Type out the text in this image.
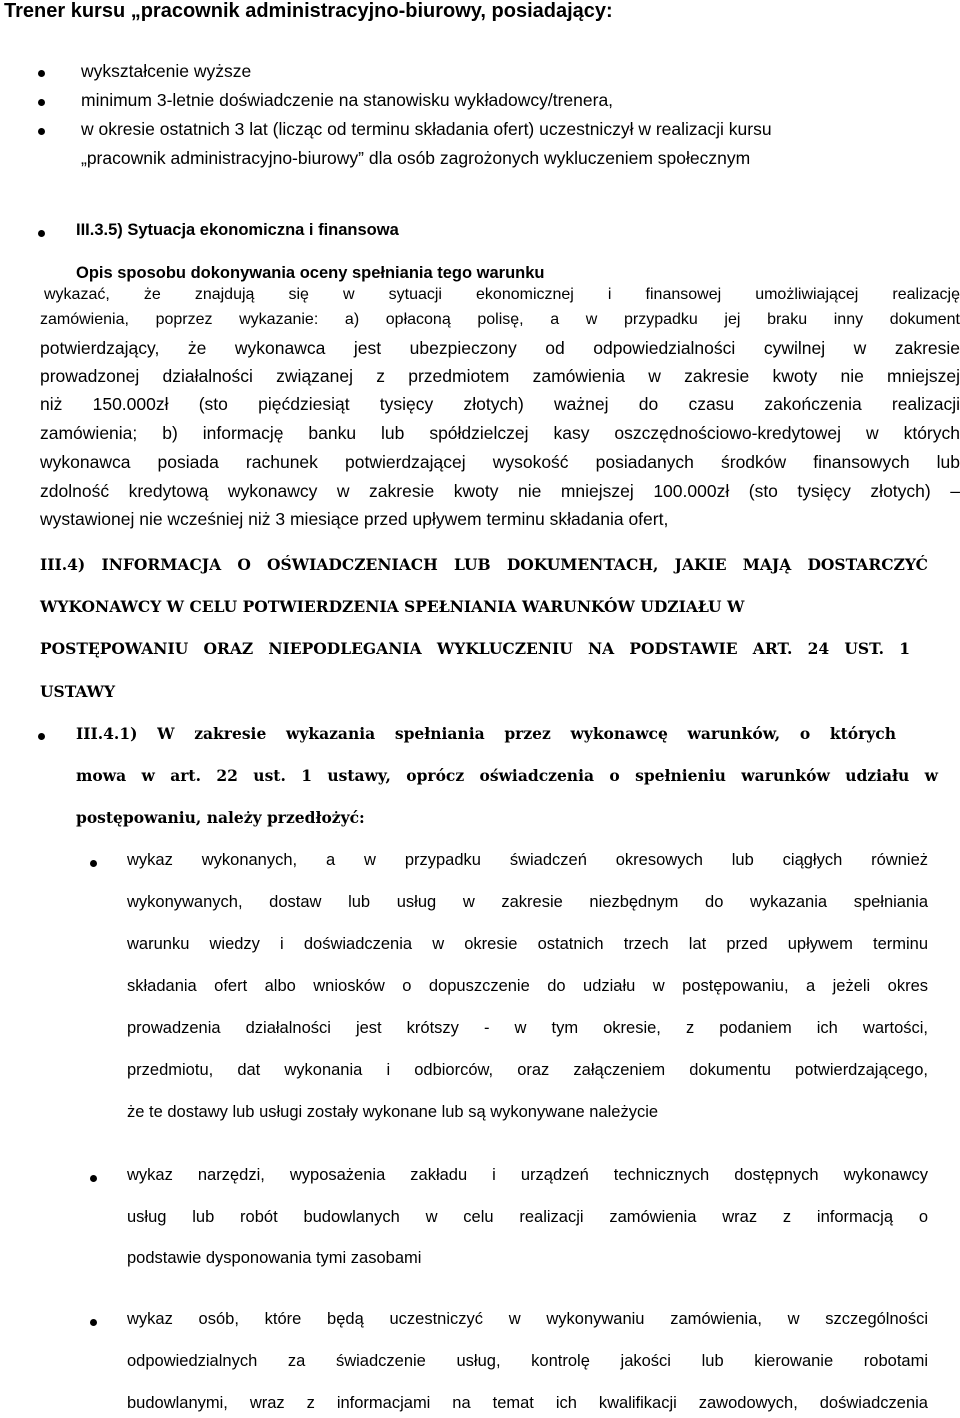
Trener kursu „pracownik administracyjno-biurowy, posiadający:
wykształcenie wyższe
minimum 3-letnie doświadczenie na stanowisku wykładowcy/trenera,
w okresie ostatnich 3 lat (licząc od terminu składania ofert) uczestniczył w realizacji kursu
„pracownik administracyjno-biurowy” dla osób zagrożonych wykluczeniem społecznym
III.3.5) Sytuacja ekonomiczna i finansowa
Opis sposobu dokonywania oceny spełniania tego warunku
wykazać, że znajdują się w sytuacji ekonomicznej i finansowej umożliwiającej realizację
zamówienia, poprzez wykazanie: a) opłaconą polisę, a w przypadku jej braku inny dokument
potwierdzający, że wykonawca jest ubezpieczony od odpowiedzialności cywilnej w zakresie
prowadzonej działalności związanej z przedmiotem zamówienia w zakresie kwoty nie mniejszej
niż 150.000zł (sto pięćdziesiąt tysięcy złotych) ważnej do czasu zakończenia realizacji
zamówienia; b) informację banku lub spółdzielczej kasy oszczędnościowo-kredytowej w których
wykonawca posiada rachunek potwierdzającej wysokość posiadanych środków finansowych lub
zdolność kredytową wykonawcy w zakresie kwoty nie mniejszej 100.000zł (sto tysięcy złotych) –
wystawionej nie wcześniej niż 3 miesiące przed upływem terminu składania ofert,
III.4) INFORMACJA O OŚWIADCZENIACH LUB DOKUMENTACH, JAKIE MAJĄ DOSTARCZYĆ
WYKONAWCY W CELU POTWIERDZENIA SPEŁNIANIA WARUNKÓW UDZIAŁU W
POSTĘPOWANIU ORAZ NIEPODLEGANIA WYKLUCZENIU NA PODSTAWIE ART. 24 UST. 1
USTAWY
III.4.1) W zakresie wykazania spełniania przez wykonawcę warunków, o których
mowa w art. 22 ust. 1 ustawy, oprócz oświadczenia o spełnieniu warunków udziału w
postępowaniu, należy przedłożyć:
wykaz wykonanych, a w przypadku świadczeń okresowych lub ciągłych również
wykonywanych, dostaw lub usług w zakresie niezbędnym do wykazania spełniania
warunku wiedzy i doświadczenia w okresie ostatnich trzech lat przed upływem terminu
składania ofert albo wniosków o dopuszczenie do udziału w postępowaniu, a jeżeli okres
prowadzenia działalności jest krótszy - w tym okresie, z podaniem ich wartości,
przedmiotu, dat wykonania i odbiorców, oraz załączeniem dokumentu potwierdzającego,
że te dostawy lub usługi zostały wykonane lub są wykonywane należycie
wykaz narzędzi, wyposażenia zakładu i urządzeń technicznych dostępnych wykonawcy
usług lub robót budowlanych w celu realizacji zamówienia wraz z informacją o
podstawie dysponowania tymi zasobami
wykaz osób, które będą uczestniczyć w wykonywaniu zamówienia, w szczególności
odpowiedzialnych za świadczenie usług, kontrolę jakości lub kierowanie robotami
budowlanymi, wraz z informacjami na temat ich kwalifikacji zawodowych, doświadczenia
